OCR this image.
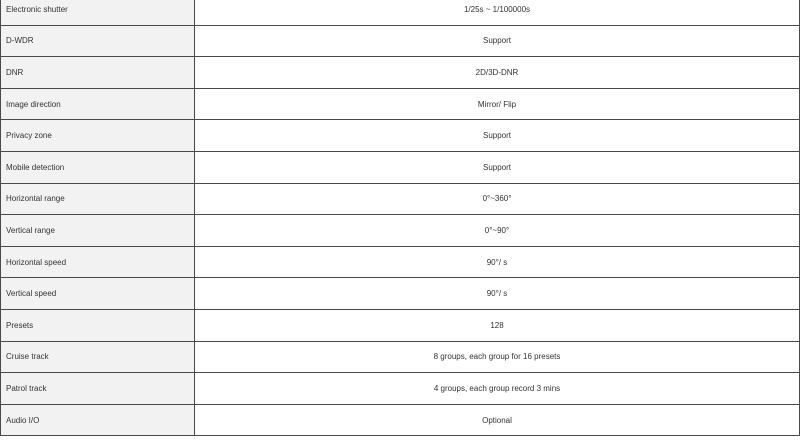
Electronic shutter	1/25s ~ 1/100000s
D-WDR	Support
DNR	2D/3D-DNR
Image direction	Mirror/ Flip
Privacy zone	Support
Mobile detection	Support
Horizontal range	0°~360°
Vertical range	0°~90°
Horizontal speed	90°/ s
Vertical speed	90°/ s
Presets	128
Cruise track	8 groups, each group for 16 presets
Patrol track	4 groups, each group record 3 mins
Audio I/O	Optional
